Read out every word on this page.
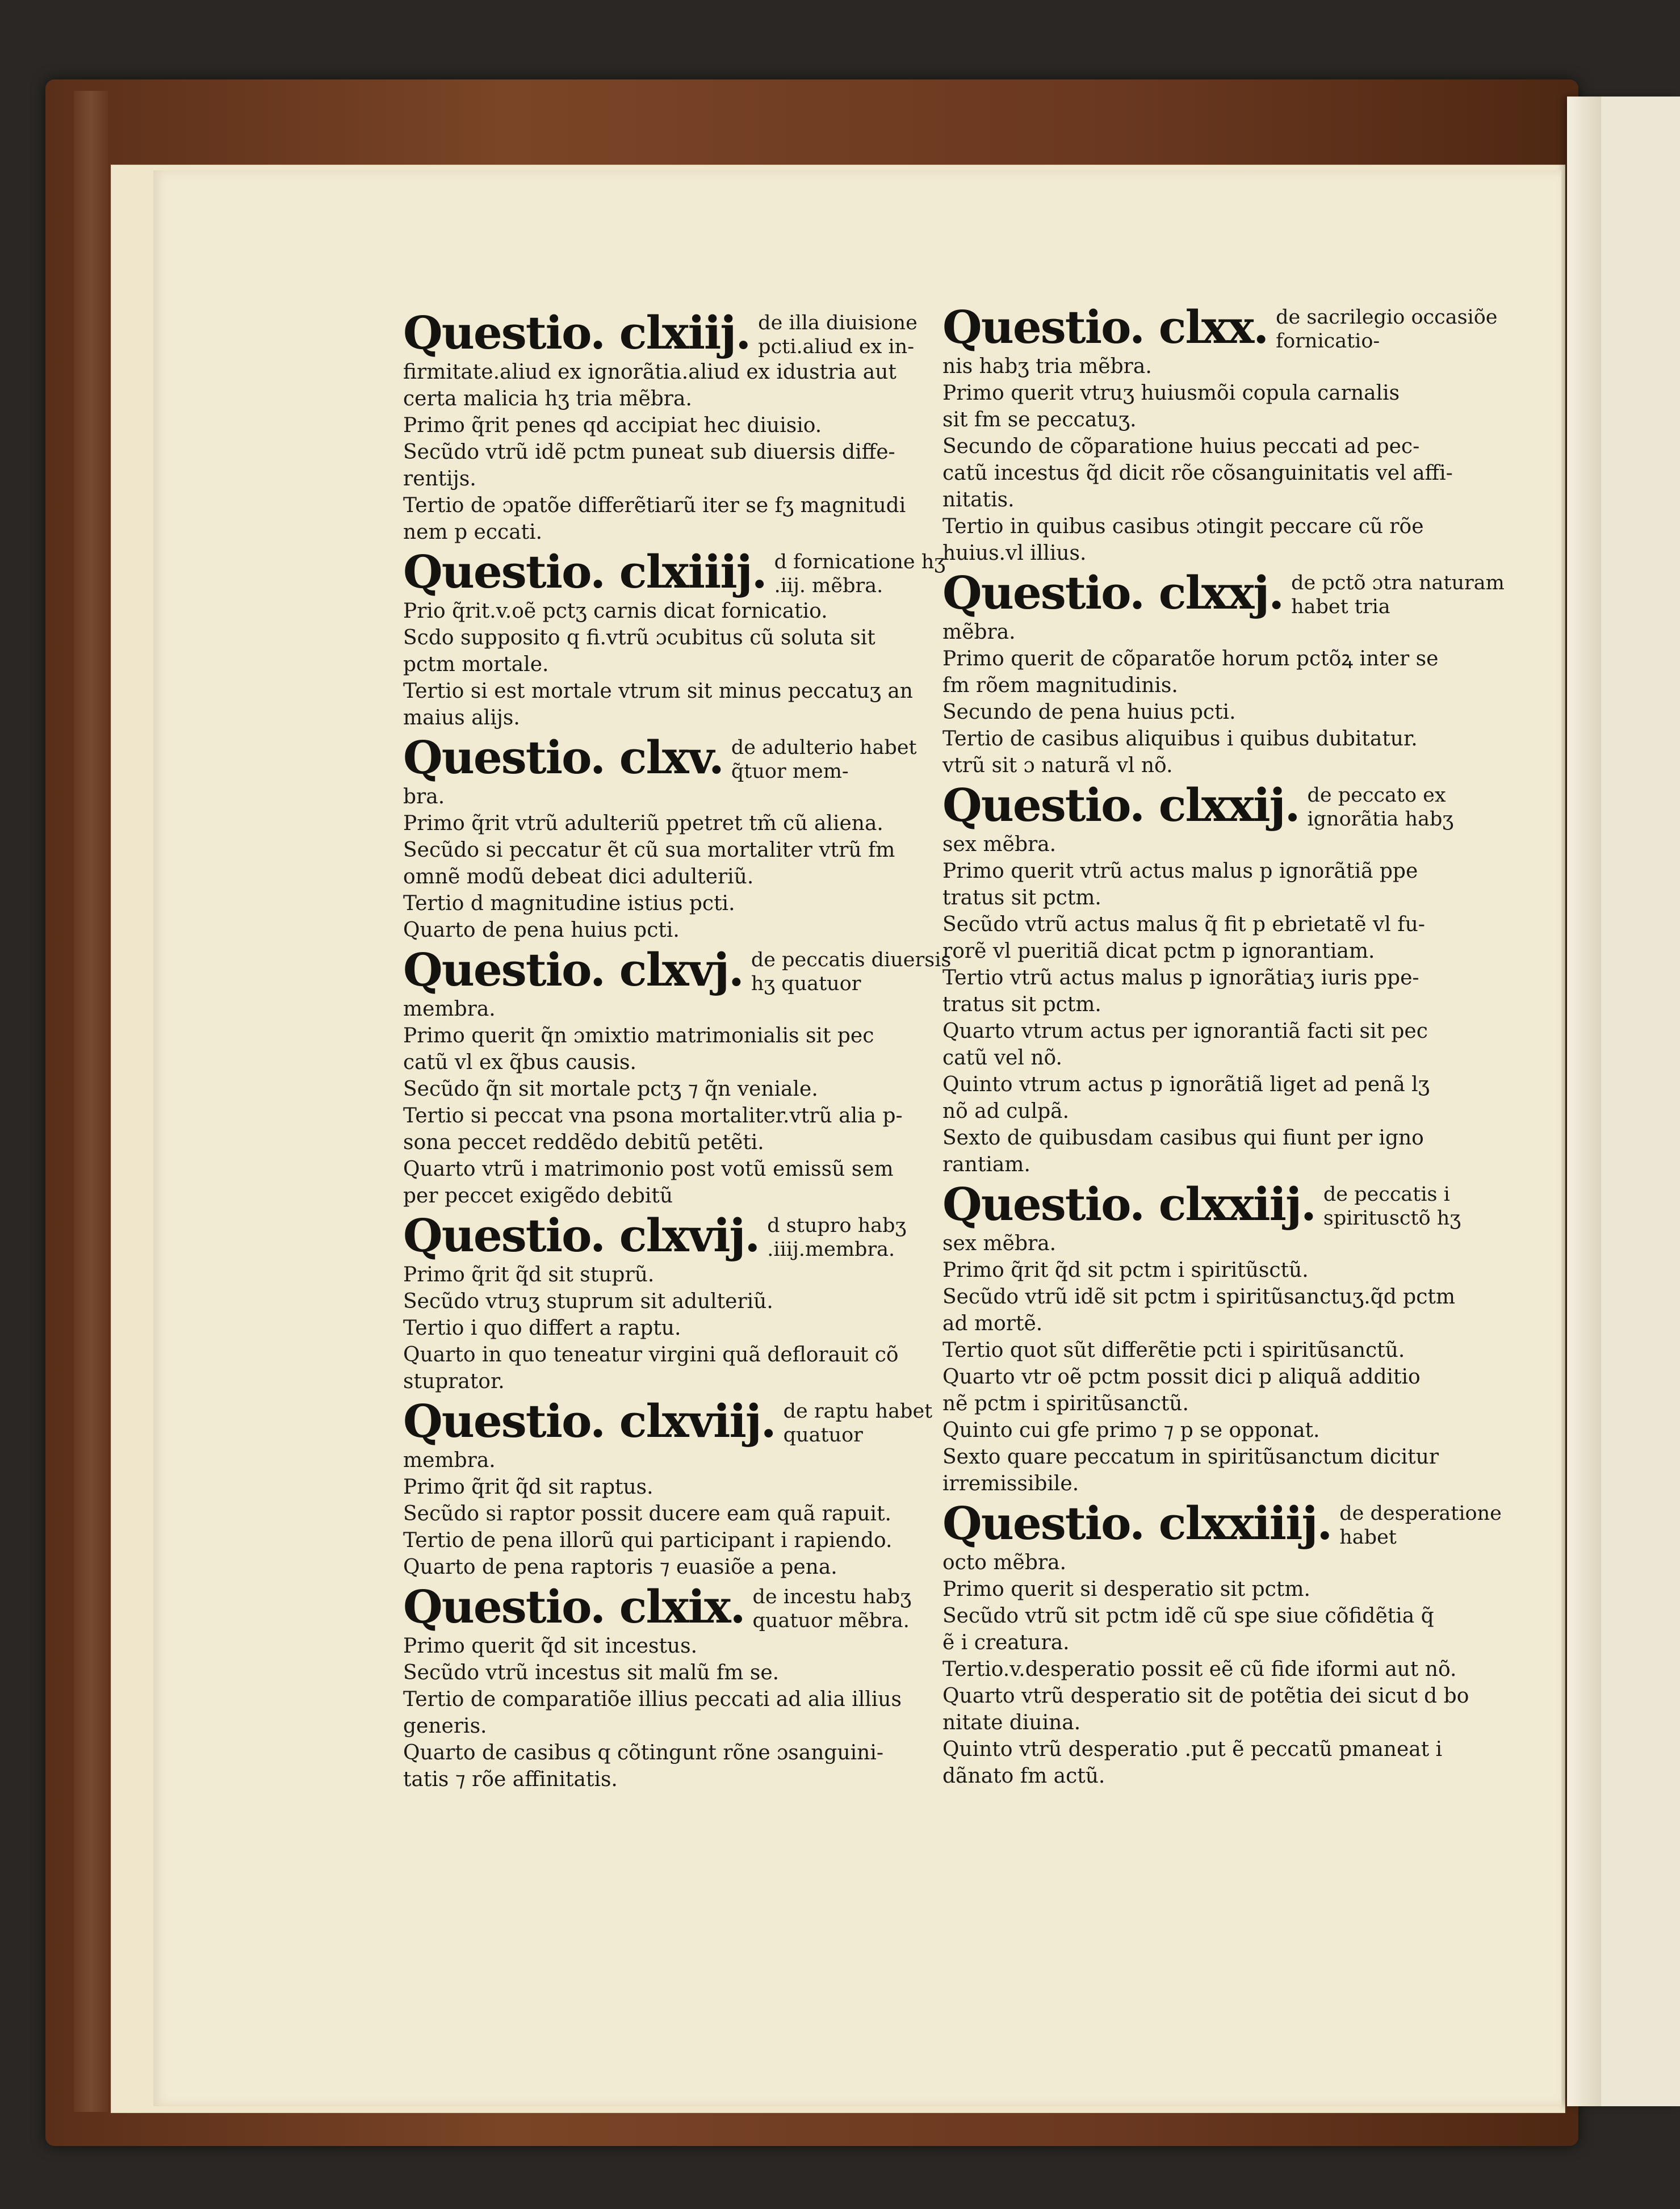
Questio. clxiij. de illa diuisione pcti.aliud ex in-
firmitate.aliud ex ignorãtia.aliud ex idustria aut
certa malicia hʒ tria mẽbra.
Primo q̃rit penes qd accipiat hec diuisio.
Secũdo vtrũ idẽ pctm puneat sub diuersis diffe-
rentijs.
Tertio de ɔpatõe differẽtiarũ iter se fʒ magnitudi
nem p eccati.
Questio. clxiiij. d fornicatione hʒ .iij. mẽbra.
Prio q̃rit.v.oẽ pctʒ carnis dicat fornicatio.
Scdo supposito q fi.vtrũ ɔcubitus cũ soluta sit
pctm mortale.
Tertio si est mortale vtrum sit minus peccatuʒ an
maius alijs.
Questio. clxv. de adulterio habet q̃tuor mem-
bra.
Primo q̃rit vtrũ adulteriũ ppetret tm̃ cũ aliena.
Secũdo si peccatur ẽt cũ sua mortaliter vtrũ fm
omnẽ modũ debeat dici adulteriũ.
Tertio d magnitudine istius pcti.
Quarto de pena huius pcti.
Questio. clxvj. de peccatis diuersis hʒ quatuor
membra.
Primo querit q̃n ɔmixtio matrimonialis sit pec
catũ vl ex q̃bus causis.
Secũdo q̃n sit mortale pctʒ ⁊ q̃n veniale.
Tertio si peccat vna psona mortaliter.vtrũ alia p-
sona peccet reddẽdo debitũ petẽti.
Quarto vtrũ i matrimonio post votũ emissũ sem
per peccet exigẽdo debitũ
Questio. clxvij. d stupro habʒ .iiij.membra.
Primo q̃rit q̃d sit stuprũ.
Secũdo vtruʒ stuprum sit adulteriũ.
Tertio i quo differt a raptu.
Quarto in quo teneatur virgini quã deflorauit cõ
stuprator.
Questio. clxviij. de raptu habet quatuor
membra.
Primo q̃rit q̃d sit raptus.
Secũdo si raptor possit ducere eam quã rapuit.
Tertio de pena illorũ qui participant i rapiendo.
Quarto de pena raptoris ⁊ euasiõe a pena.
Questio. clxix. de incestu habʒ quatuor mẽbra.
Primo querit q̃d sit incestus.
Secũdo vtrũ incestus sit malũ fm se.
Tertio de comparatiõe illius peccati ad alia illius
generis.
Quarto de casibus q cõtingunt rõne ɔsanguini-
tatis ⁊ rõe affinitatis.
Questio. clxx. de sacrilegio occasiõe fornicatio-
nis habʒ tria mẽbra.
Primo querit vtruʒ huiusmõi copula carnalis
sit fm se peccatuʒ.
Secundo de cõparatione huius peccati ad pec-
catũ incestus q̃d dicit rõe cõsanguinitatis vel affi-
nitatis.
Tertio in quibus casibus ɔtingit peccare cũ rõe
huius.vl illius.
Questio. clxxj. de pctõ ɔtra naturam habet tria
mẽbra.
Primo querit de cõparatõe horum pctõꝝ inter se
fm rõem magnitudinis.
Secundo de pena huius pcti.
Tertio de casibus aliquibus i quibus dubitatur.
vtrũ sit ɔ naturã vl nõ.
Questio. clxxij. de peccato ex ignorãtia habʒ
sex mẽbra.
Primo querit vtrũ actus malus p ignorãtiã ppe
tratus sit pctm.
Secũdo vtrũ actus malus q̃ fit p ebrietatẽ vl fu-
rorẽ vl pueritiã dicat pctm p ignorantiam.
Tertio vtrũ actus malus p ignorãtiaʒ iuris ppe-
tratus sit pctm.
Quarto vtrum actus per ignorantiã facti sit pec
catũ vel nõ.
Quinto vtrum actus p ignorãtiã liget ad penã lʒ
nõ ad culpã.
Sexto de quibusdam casibus qui fiunt per igno
rantiam.
Questio. clxxiij. de peccatis i spiritusctõ hʒ
sex mẽbra.
Primo q̃rit q̃d sit pctm i spiritũsctũ.
Secũdo vtrũ idẽ sit pctm i spiritũsanctuʒ.q̃d pctm
ad mortẽ.
Tertio quot sũt differẽtie pcti i spiritũsanctũ.
Quarto vtr oẽ pctm possit dici p aliquã additio
nẽ pctm i spiritũsanctũ.
Quinto cui gfe primo ⁊ p se opponat.
Sexto quare peccatum in spiritũsanctum dicitur
irremissibile.
Questio. clxxiiij. de desperatione habet
octo mẽbra.
Primo querit si desperatio sit pctm.
Secũdo vtrũ sit pctm idẽ cũ spe siue cõfidẽtia q̃
ẽ i creatura.
Tertio.v.desperatio possit eẽ cũ fide iformi aut nõ.
Quarto vtrũ desperatio sit de potẽtia dei sicut d bo
nitate diuina.
Quinto vtrũ desperatio .put ẽ peccatũ pmaneat i
dãnato fm actũ.
